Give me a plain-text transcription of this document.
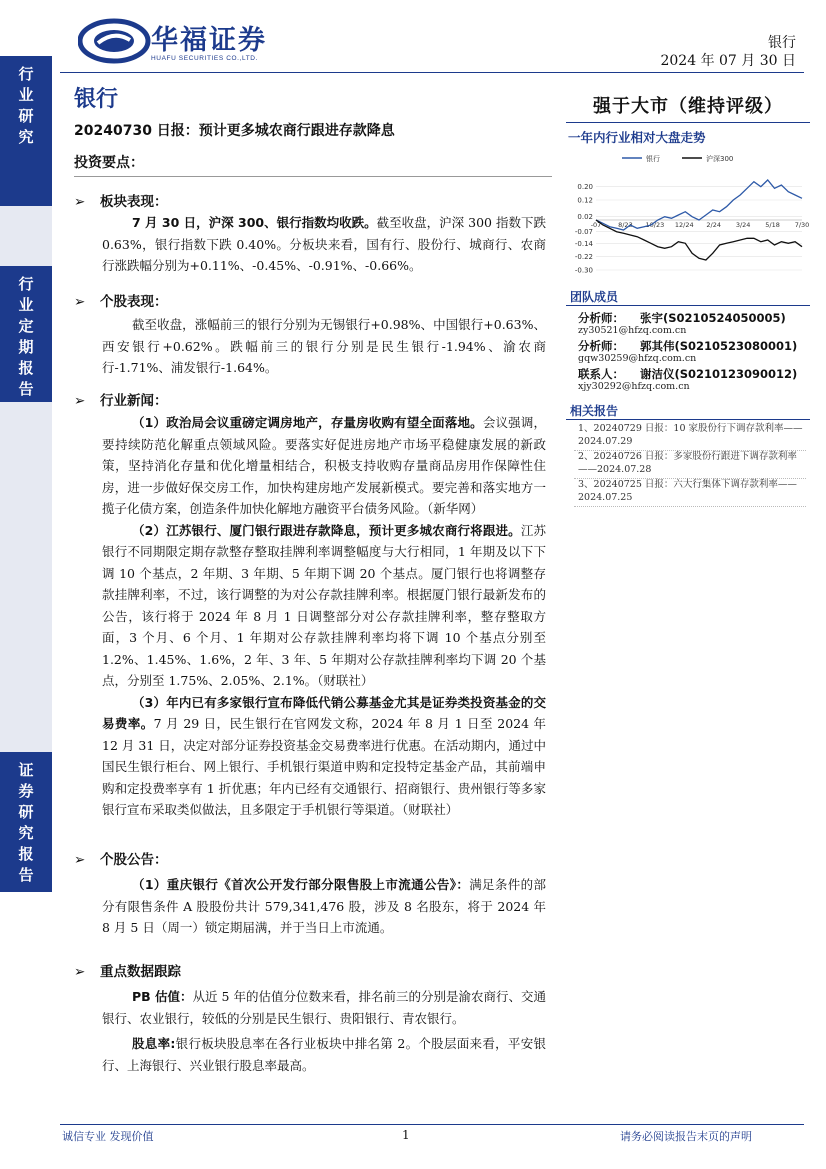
行业研究
行业定期报告
证券研究报告
华福证券
HUAFU SECURITIES CO.,LTD.
银行
2024 年 07 月 30 日
银行
20240730 日报：预计更多城农商行跟进存款降息
投资要点：
➢ 板块表现：

7 月 30 日，沪深 300、银行指数均收跌。截至收盘，沪深 300 指数下跌 0.63%，银行指数下跌 0.40%。分板块来看，国有行、股份行、城商行、农商行涨跌幅分别为+0.11%、-0.45%、-0.91%、-0.66%。

➢ 个股表现：

截至收盘，涨幅前三的银行分别为无锡银行+0.98%、中国银行+0.63%、西安银行+0.62%。跌幅前三的银行分别是民生银行-1.94%、渝农商行-1.71%、浦发银行-1.64%。

➢ 行业新闻：

（1）政治局会议重磅定调房地产，存量房收购有望全面落地。会议强调，要持续防范化解重点领域风险。要落实好促进房地产市场平稳健康发展的新政策，坚持消化存量和优化增量相结合，积极支持收购存量商品房用作保障性住房，进一步做好保交房工作，加快构建房地产发展新模式。要完善和落实地方一揽子化债方案，创造条件加快化解地方融资平台债务风险。（新华网）

（2）江苏银行、厦门银行跟进存款降息，预计更多城农商行将跟进。江苏银行不同期限定期存款整存整取挂牌利率调整幅度与大行相同，1 年期及以下下调 10 个基点，2 年期、3 年期、5 年期下调 20 个基点。厦门银行也将调整存款挂牌利率，不过，该行调整的为对公存款挂牌利率。根据厦门银行最新发布的公告，该行将于 2024 年 8 月 1 日调整部分对公存款挂牌利率，整存整取方面，3 个月、6 个月、1 年期对公存款挂牌利率均将下调 10 个基点分别至 1.2%、1.45%、1.6%，2 年、3 年、5 年期对公存款挂牌利率均下调 20 个基点，分别至 1.75%、2.05%、2.1%。（财联社）

（3）年内已有多家银行宣布降低代销公募基金尤其是证券类投资基金的交易费率。7 月 29 日，民生银行在官网发文称，2024 年 8 月 1 日至 2024 年 12 月 31 日，决定对部分证券投资基金交易费率进行优惠。在活动期内，通过中国民生银行柜台、网上银行、手机银行渠道申购和定投特定基金产品，其前端申购和定投费率享有 1 折优惠；年内已经有交通银行、招商银行、贵州银行等多家银行宣布采取类似做法，且多限定于手机银行等渠道。（财联社）

➢ 个股公告：

（1）重庆银行《首次公开发行部分限售股上市流通公告》：满足条件的部分有限售条件 A 股股份共计 579,341,476 股，涉及 8 名股东，将于 2024 年 8 月 5 日（周一）锁定期届满，并于当日上市流通。

➢ 重点数据跟踪

PB 估值：从近 5 年的估值分位数来看，排名前三的分别是渝农商行、交通银行、农业银行，较低的分别是民生银行、贵阳银行、青农银行。

股息率:银行板块股息率在各行业板块中排名第 2。个股层面来看，平安银行、上海银行、兴业银行股息率最高。

强于大市（维持评级）
一年内行业相对大盘走势
0.20
0.12
0.02
-0.07
-0.14
-0.22
-0.30
-07	8/23 10/23 12/24 2/24 3/24 5/18 7/30
银行	沪深300
团队成员
分析师： 张宇(S0210524050005)
zy30521@hfzq.com.cn
分析师： 郭其伟(S0210523080001)
gqw30259@hfzq.com.cn
联系人： 谢洁仪(S0210123090012)
xjy30292@hfzq.com.cn
相关报告
1、20240729 日报：10 家股份行下调存款利率——2024.07.29
2、20240726 日报：多家股份行跟进下调存款利率——2024.07.28
3、20240725 日报：六大行集体下调存款利率——2024.07.25
诚信专业 发现价值	1	请务必阅读报告末页的声明
